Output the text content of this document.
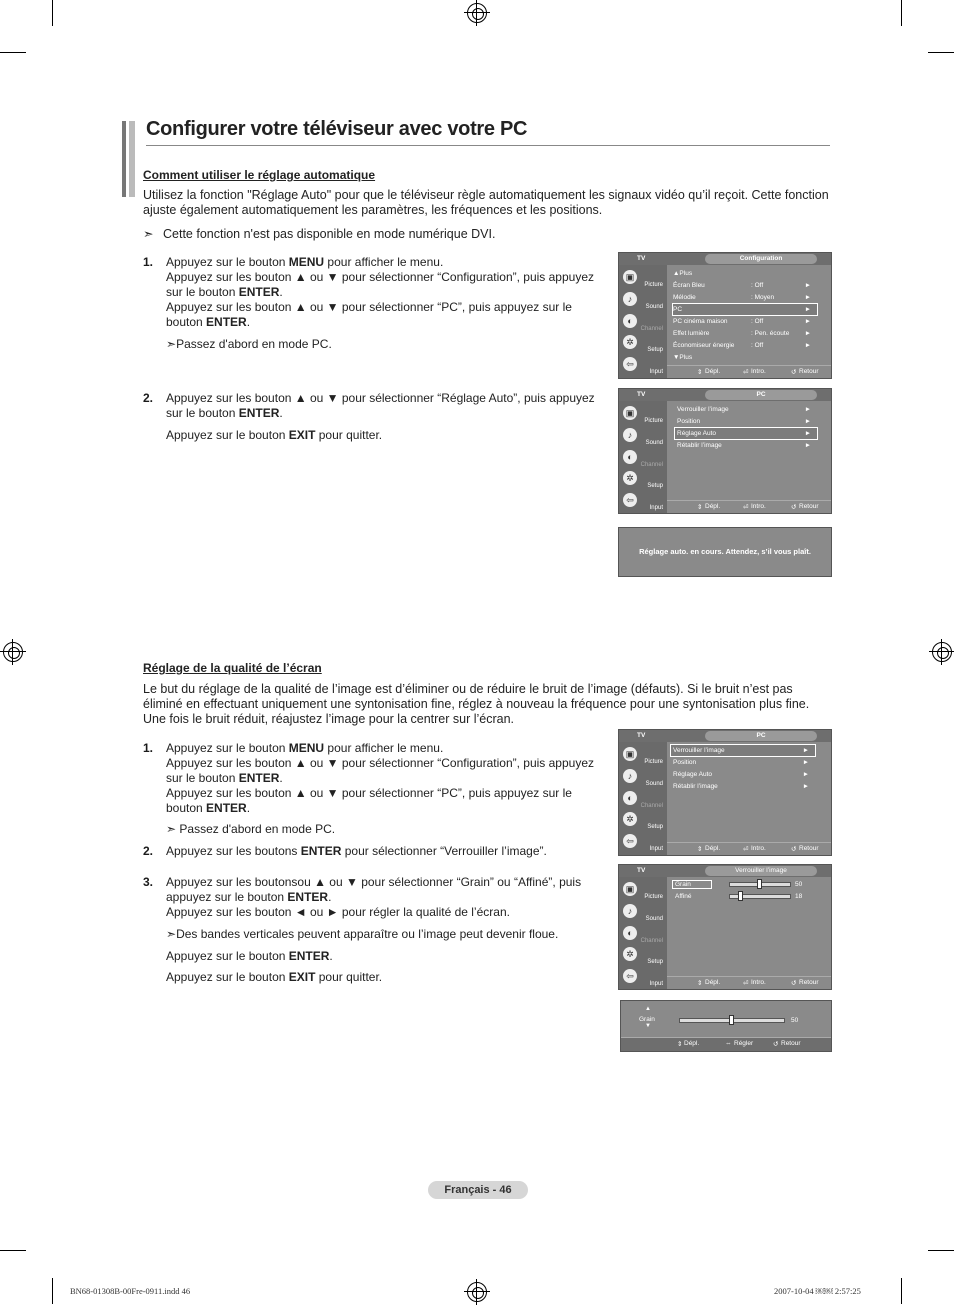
Configurer votre téléviseur avec votre PC
Comment utiliser le réglage automatique
Utilisez la fonction "Réglage Auto" pour que le téléviseur règle automatiquement les signaux vidéo qu’il reçoit. Cette fonction ajuste également automatiquement les paramètres, les fréquences et les positions.
➣ Cette fonction n'est pas disponible en mode numérique DVI.
1. Appuyez sur le bouton MENU pour afficher le menu.

Appuyez sur les bouton ▲ ou ▼ pour sélectionner “Configuration”, puis appuyez sur le bouton ENTER.

Appuyez sur les bouton ▲ ou ▼ pour sélectionner “PC”, puis appuyez sur le bouton ENTER.

➣Passez d'abord en mode PC.

2. Appuyez sur les bouton ▲ ou ▼ pour sélectionner “Réglage Auto”, puis appuyez sur le bouton ENTER.

Appuyez sur le bouton EXIT pour quitter.

TV	Configuration
▣
Picture
♪
Sound
◐
Channel
✲
Setup
⇦
Input
▲Plus
Écran Bleu	: Off	►
Mélodie	: Moyen	►
PC	►
PC cinéma maison	: Off	►
Effet lumière	: Pen. écoute ►
Économiseur énergie	: Off	►
▼Plus
⇕ Dépl.	⏎ Intro.	↺ Retour
TV	PC
▣
Picture
♪
Sound
◐
Channel
✲
Setup
⇦
Input
Verrouiller l’image	►
Position	►
Réglage Auto	►
Rétablir l’image	►
⇕ Dépl.	⏎ Intro.	↺ Retour
Réglage auto. en cours. Attendez, s’il vous plaît.
Réglage de la qualité de l’écran
Le but du réglage de la qualité de l’image est d’éliminer ou de réduire le bruit de l’image (défauts). Si le bruit n’est pas éliminé en effectuant uniquement une syntonisation fine, réglez à nouveau la fréquence pour une syntonisation plus fine. Une fois le bruit réduit, réajustez l’image pour la centrer sur l’écran.
1. Appuyez sur le bouton MENU pour afficher le menu.

Appuyez sur les bouton ▲ ou ▼ pour sélectionner “Configuration”, puis appuyez sur le bouton ENTER.

Appuyez sur les bouton ▲ ou ▼ pour sélectionner “PC”, puis appuyez sur le bouton ENTER.

➣ Passez d'abord en mode PC.

2. Appuyez sur les boutons ENTER pour sélectionner “Verrouiller l’image”.

3. Appuyez sur les boutonsou ▲ ou ▼ pour sélectionner “Grain” ou “Affiné”, puis appuyez sur le bouton ENTER.

Appuyez sur les bouton ◄ ou ► pour régler la qualité de l’écran.

➣Des bandes verticales peuvent apparaître ou l’image peut devenir floue.

Appuyez sur le bouton ENTER.

Appuyez sur le bouton EXIT pour quitter.

TV	PC
▣
Picture
♪
Sound
◐
Channel
✲
Setup
⇦
Input
Verrouiller l’image	►
Position	►
Réglage Auto	►
Rétablir l’image	►
⇕ Dépl.	⏎ Intro.	↺ Retour
TV	Verrouiller l’image
▣
Picture
♪
Sound
◐
Channel
✲
Setup
⇦
Input
Grain	50
Affiné	18
⇕ Dépl.	⏎ Intro.	↺ Retour
▲
Grain
▼
50
⇕ Dépl.	⇔ Régler	↺ Retour
Français - 46
BN68-01308B-00Fre-0911.indd 46	2007-10-04 ￼￼ 2:57:25
